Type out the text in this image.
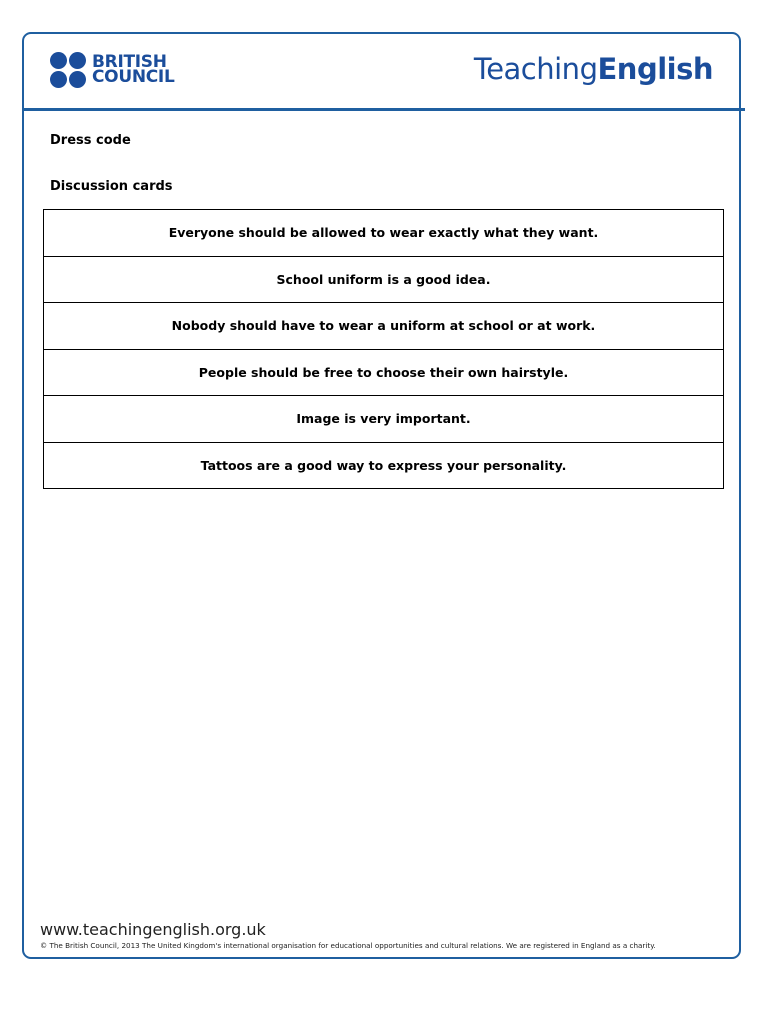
BRITISH
COUNCIL	TeachingEnglish
Dress code
Discussion cards
Everyone should be allowed to wear exactly what they want.
School uniform is a good idea.
Nobody should have to wear a uniform at school or at work.
People should be free to choose their own hairstyle.
Image is very important.
Tattoos are a good way to express your personality.
www.teachingenglish.org.uk
© The British Council, 2013 The United Kingdom's international organisation for educational opportunities and cultural relations. We are registered in England as a charity.
